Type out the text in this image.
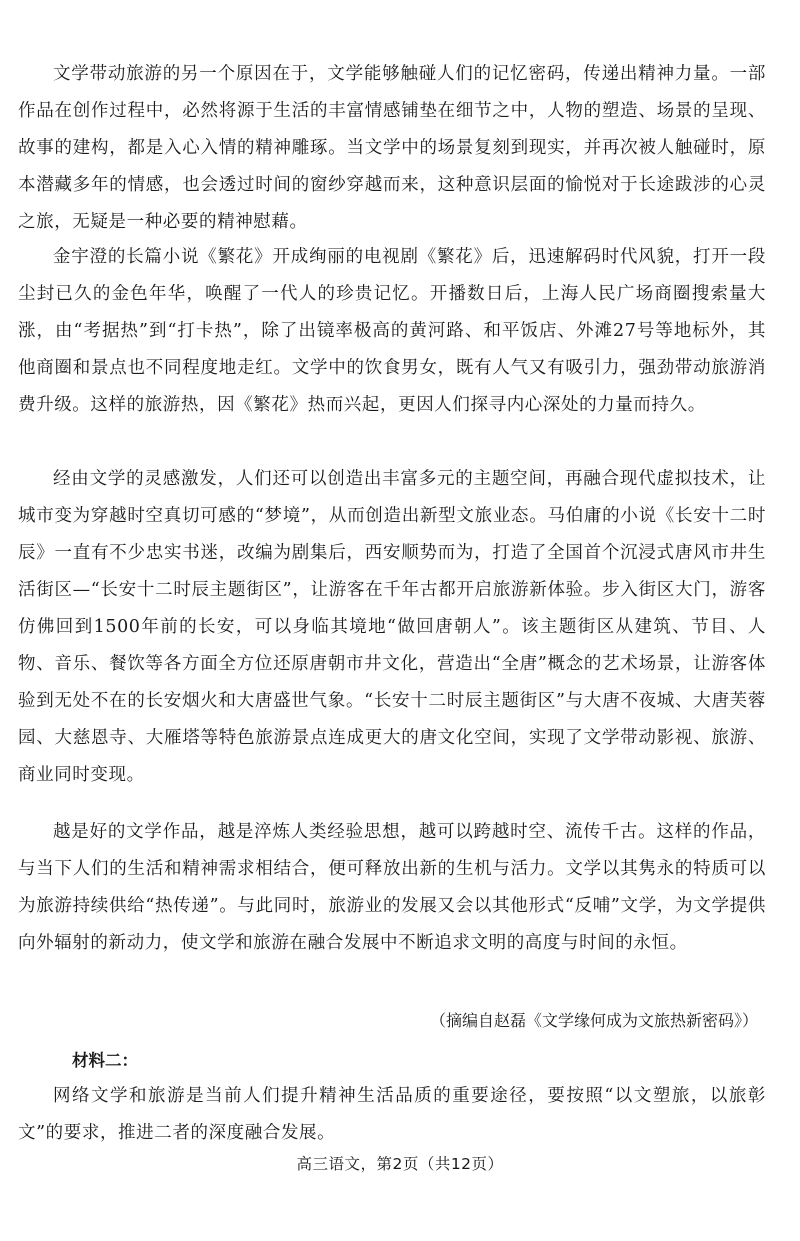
文学带动旅游的另一个原因在于，文学能够触碰人们的记忆密码，传递出精神力量。一部作品在创作过程中，必然将源于生活的丰富情感铺垫在细节之中，人物的塑造、场景的呈现、故事的建构，都是入心入情的精神雕琢。当文学中的场景复刻到现实，并再次被人触碰时，原本潜藏多年的情感，也会透过时间的窗纱穿越而来，这种意识层面的愉悦对于长途跋涉的心灵之旅，无疑是一种必要的精神慰藉。

金宇澄的长篇小说《繁花》开成绚丽的电视剧《繁花》后，迅速解码时代风貌，打开一段尘封已久的金色年华，唤醒了一代人的珍贵记忆。开播数日后，上海人民广场商圈搜索量大涨，由“考据热”到“打卡热”，除了出镜率极高的黄河路、和平饭店、外滩27号等地标外，其他商圈和景点也不同程度地走红。文学中的饮食男女，既有人气又有吸引力，强劲带动旅游消费升级。这样的旅游热，因《繁花》热而兴起，更因人们探寻内心深处的力量而持久。

经由文学的灵感激发，人们还可以创造出丰富多元的主题空间，再融合现代虚拟技术，让城市变为穿越时空真切可感的“梦境”，从而创造出新型文旅业态。马伯庸的小说《长安十二时辰》一直有不少忠实书迷，改编为剧集后，西安顺势而为，打造了全国首个沉浸式唐风市井生活街区—“长安十二时辰主题街区”，让游客在千年古都开启旅游新体验。步入街区大门，游客仿佛回到1500年前的长安，可以身临其境地“做回唐朝人”。该主题街区从建筑、节目、人物、音乐、餐饮等各方面全方位还原唐朝市井文化，营造出“全唐”概念的艺术场景，让游客体验到无处不在的长安烟火和大唐盛世气象。“长安十二时辰主题街区”与大唐不夜城、大唐芙蓉园、大慈恩寺、大雁塔等特色旅游景点连成更大的唐文化空间，实现了文学带动影视、旅游、商业同时变现。

越是好的文学作品，越是淬炼人类经验思想，越可以跨越时空、流传千古。这样的作品，与当下人们的生活和精神需求相结合，便可释放出新的生机与活力。文学以其隽永的特质可以为旅游持续供给“热传递”。与此同时，旅游业的发展又会以其他形式“反哺”文学，为文学提供向外辐射的新动力，使文学和旅游在融合发展中不断追求文明的高度与时间的永恒。

（摘编自赵磊《文学缘何成为文旅热新密码》）

材料二：

网络文学和旅游是当前人们提升精神生活品质的重要途径，要按照“以文塑旅，以旅彰文”的要求，推进二者的深度融合发展。

高三语文，第2页（共12页）
